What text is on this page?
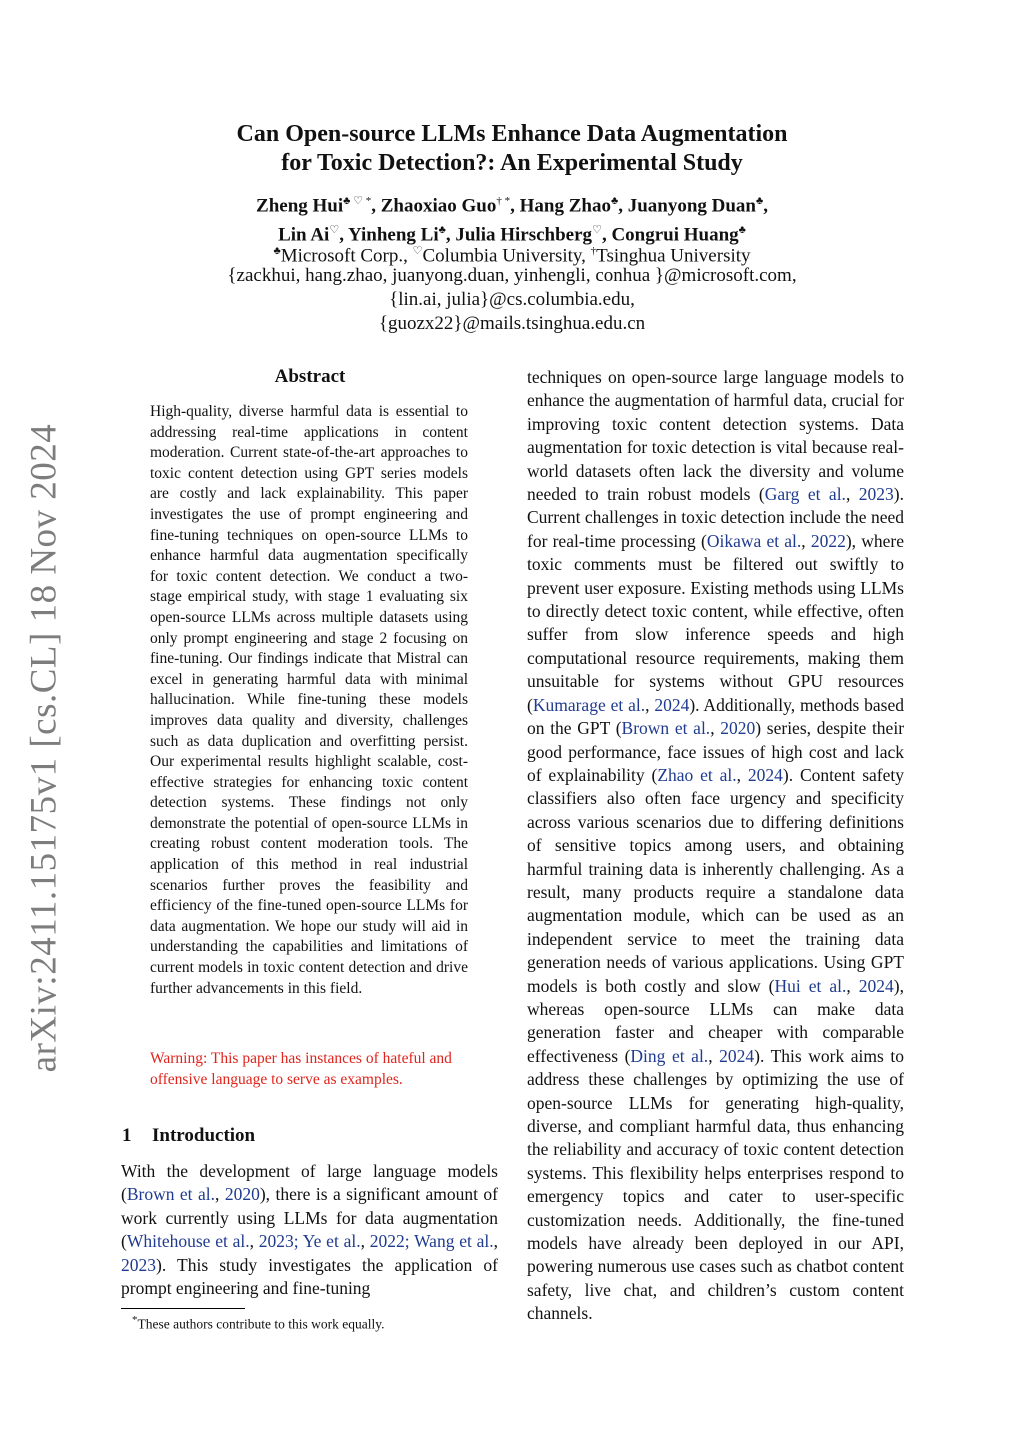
arXiv:2411.15175v1 [cs.CL] 18 Nov 2024
Can Open-source LLMs Enhance Data Augmentation
for Toxic Detection?: An Experimental Study
Zheng Hui♣ ♡ *, Zhaoxiao Guo† *, Hang Zhao♣, Juanyong Duan♣,
Lin Ai♡, Yinheng Li♣, Julia Hirschberg♡, Congrui Huang♣
♣Microsoft Corp., ♡Columbia University, †Tsinghua University
{zackhui, hang.zhao, juanyong.duan, yinhengli, conhua }@microsoft.com,
{lin.ai, julia}@cs.columbia.edu,
{guozx22}@mails.tsinghua.edu.cn
Abstract
High-quality, diverse harmful data is essential to addressing real-time applications in content moderation. Current state-of-the-art approaches to toxic content detection using GPT series models are costly and lack explainability. This paper investigates the use of prompt engineering and fine-tuning techniques on open-source LLMs to enhance harmful data augmentation specifically for toxic content detection. We conduct a two-stage empirical study, with stage 1 evaluating six open-source LLMs across multiple datasets using only prompt engineering and stage 2 focusing on fine-tuning. Our findings indicate that Mistral can excel in generating harmful data with minimal hallucination. While fine-tuning these models improves data quality and diversity, challenges such as data duplication and overfitting persist. Our experimental results highlight scalable, cost-effective strategies for enhancing toxic content detection systems. These findings not only demonstrate the potential of open-source LLMs in creating robust content moderation tools. The application of this method in real industrial scenarios further proves the feasibility and efficiency of the fine-tuned open-source LLMs for data augmentation. We hope our study will aid in understanding the capabilities and limitations of current models in toxic content detection and drive further advancements in this field.
Warning: This paper has instances of hateful and offensive language to serve as examples.
1 Introduction
With the development of large language models (Brown et al., 2020), there is a significant amount of work currently using LLMs for data augmentation (Whitehouse et al., 2023; Ye et al., 2022; Wang et al., 2023). This study investigates the application of prompt engineering and fine-tuning
*These authors contribute to this work equally.
techniques on open-source large language models to enhance the augmentation of harmful data, crucial for improving toxic content detection systems. Data augmentation for toxic detection is vital because real-world datasets often lack the diversity and volume needed to train robust models (Garg et al., 2023). Current challenges in toxic detection include the need for real-time processing (Oikawa et al., 2022), where toxic comments must be filtered out swiftly to prevent user exposure. Existing methods using LLMs to directly detect toxic content, while effective, often suffer from slow inference speeds and high computational resource requirements, making them unsuitable for systems without GPU resources (Kumarage et al., 2024). Additionally, methods based on the GPT (Brown et al., 2020) series, despite their good performance, face issues of high cost and lack of explainability (Zhao et al., 2024). Content safety classifiers also often face urgency and specificity across various scenarios due to differing definitions of sensitive topics among users, and obtaining harmful training data is inherently challenging. As a result, many products require a standalone data augmentation module, which can be used as an independent service to meet the training data generation needs of various applications. Using GPT models is both costly and slow (Hui et al., 2024), whereas open-source LLMs can make data generation faster and cheaper with comparable effectiveness (Ding et al., 2024). This work aims to address these challenges by optimizing the use of open-source LLMs for generating high-quality, diverse, and compliant harmful data, thus enhancing the reliability and accuracy of toxic content detection systems. This flexibility helps enterprises respond to emergency topics and cater to user-specific customization needs. Additionally, the fine-tuned models have already been deployed in our API, powering numerous use cases such as chatbot content safety, live chat, and children’s custom content channels.
